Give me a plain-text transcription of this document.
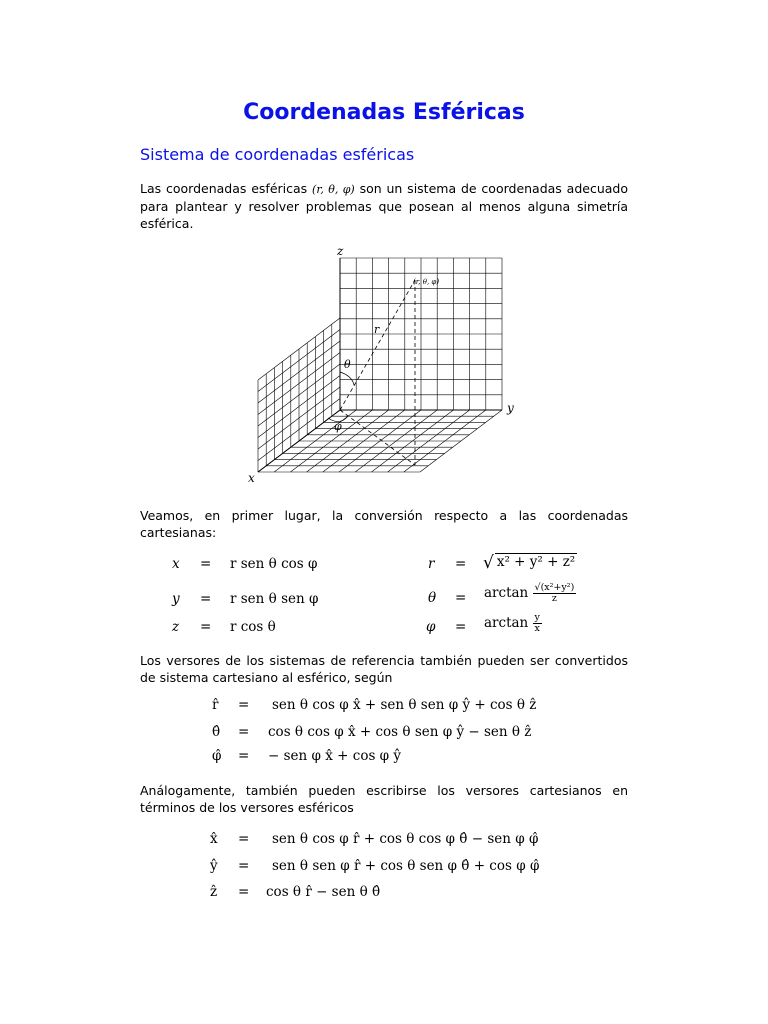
Coordenadas Esféricas
Sistema de coordenadas esféricas
Las coordenadas esféricas (r, θ, φ) son un sistema de coordenadas adecuado para plantear y resolver problemas que posean al menos alguna simetría esférica.
z
y
x
(r, θ, φ)
r
θ
φ
Veamos, en primer lugar, la conversión respecto a las coordenadas cartesianas:
x = r sen θ cos φ
y = r sen θ sen φ
z = r cos θ
r = √ x² + y² + z²
$\theta = \arctan \frac{\text{√(x²+y²)}}{z}$
$\varphi = \arctan \frac{y}{x}$
Los versores de los sistemas de referencia también pueden ser convertidos de sistema cartesiano al esférico, según
r̂ = sen θ cos φ x̂ + sen θ sen φ ŷ + cos θ ẑ
θ̂ = cos θ cos φ x̂ + cos θ sen φ ŷ − sen θ ẑ
φ̂ = − sen φ x̂ + cos φ ŷ
Análogamente, también pueden escribirse los versores cartesianos en términos de los versores esféricos
x̂ = sen θ cos φ r̂ + cos θ cos φ θ̂ − sen φ φ̂
ŷ = sen θ sen φ r̂ + cos θ sen φ θ̂ + cos φ φ̂
ẑ = cos θ r̂ − sen θ θ̂
